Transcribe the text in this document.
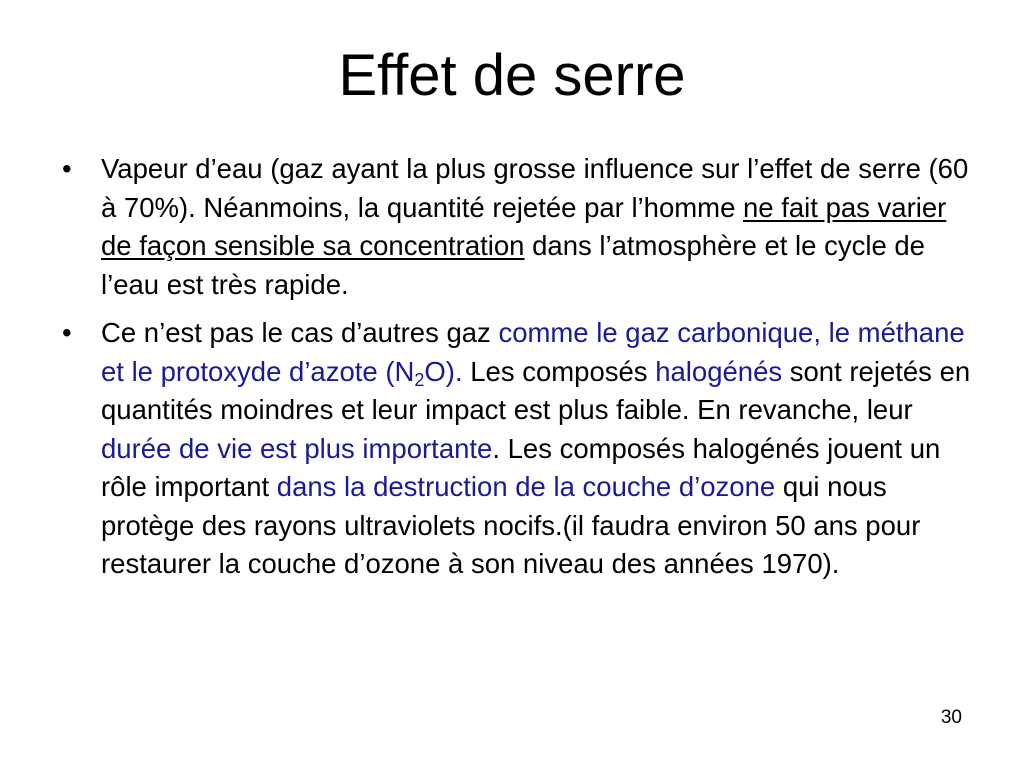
Effet de serre
• Vapeur d’eau (gaz ayant la plus grosse influence sur l’effet de serre (60 à 70%). Néanmoins, la quantité rejetée par l’homme ne fait pas varier de façon sensible sa concentration dans l’atmosphère et le cycle de l’eau est très rapide.
• Ce n’est pas le cas d’autres gaz comme le gaz carbonique, le méthane et le protoxyde d’azote $(N_2O)$. Les composés halogénés sont rejetés en quantités moindres et leur impact est plus faible. En revanche, leur durée de vie est plus importante. Les composés halogénés jouent un rôle important dans la destruction de la couche d’ozone qui nous protège des rayons ultraviolets nocifs.(il faudra environ 50 ans pour restaurer la couche d’ozone à son niveau des années 1970).
30
